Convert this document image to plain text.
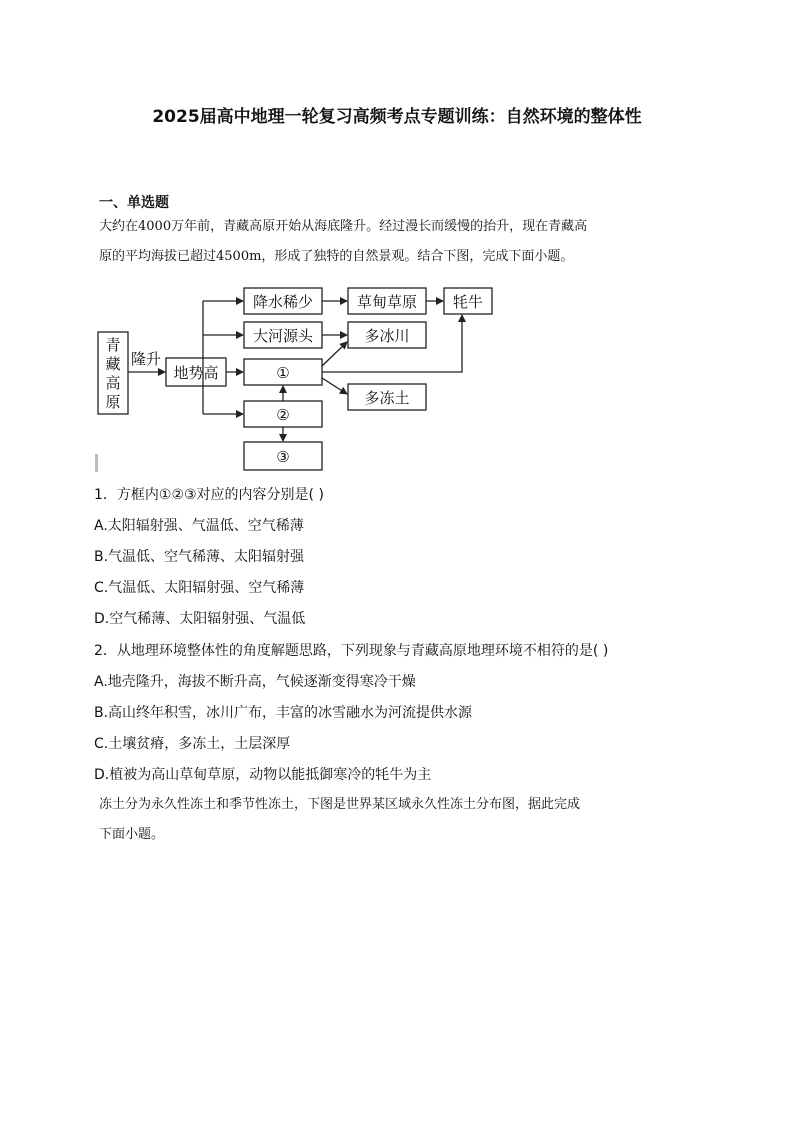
2025届高中地理一轮复习高频考点专题训练：自然环境的整体性
一、单选题
大约在4000万年前，青藏高原开始从海底隆升。经过漫长而缓慢的抬升，现在青藏高
原的平均海拔已超过4500m，形成了独特的自然景观。结合下图，完成下面小题。
青藏高原
隆升
地势高
降水稀少	草甸草原 牦牛
大河源头	多冰川
①
多冻土
②
③
1．方框内①②③对应的内容分别是( )
A.太阳辐射强、气温低、空气稀薄
B.气温低、空气稀薄、太阳辐射强
C.气温低、太阳辐射强、空气稀薄
D.空气稀薄、太阳辐射强、气温低
2．从地理环境整体性的角度解题思路，下列现象与青藏高原地理环境不相符的是( )
A.地壳隆升，海拔不断升高，气候逐渐变得寒冷干燥
B.高山终年积雪，冰川广布，丰富的冰雪融水为河流提供水源
C.土壤贫瘠，多冻土，土层深厚
D.植被为高山草甸草原，动物以能抵御寒冷的牦牛为主
冻土分为永久性冻土和季节性冻土，下图是世界某区域永久性冻土分布图，据此完成
下面小题。
